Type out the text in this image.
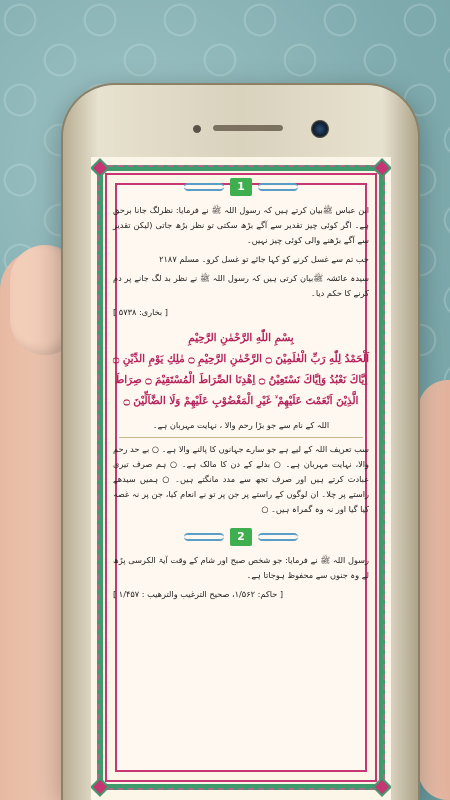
1

ابن عباس ﷺبیان کرتے ہیں کہ رسول اللہ ﷺ نے فرمایا: نظرلگ جانا برحق ہے۔ اگر کوئی چیز تقدیر سے آگے بڑھ سکتی تو نظر بڑھ جاتی (لیکن تقدیر سے آگے بڑھنے والی کوئی چیز نہیں۔

جب تم سے غسل کرنے کو کہا جائے تو غسل کرو۔ مسلم ۲۱۸۷

سیدہ عائشہ ﷺبیان کرتی ہیں کہ رسول اللہ ﷺ نے نظر بد لگ جانے پر دم کرنے کا حکم دیا۔

[ بخاری: ۵۷۳۸ ]
بِسْمِ اللّٰهِ الرَّحْمٰنِ الرَّحِيْمِ
اَلْحَمْدُ لِلّٰهِ رَبِّ الْعٰلَمِيْنَ ۝ الرَّحْمٰنِ الرَّحِيْمِ ۝ مٰلِكِ يَوْمِ الدِّيْنِ ۝
اِيَّاكَ نَعْبُدُ وَاِيَّاكَ نَسْتَعِيْنُ ۝ اِهْدِنَا الصِّرَاطَ الْمُسْتَقِيْمَ ۝ صِرَاطَ
الَّذِيْنَ اَنْعَمْتَ عَلَيْهِمْ ۙ غَيْرِ الْمَغْضُوْبِ عَلَيْهِمْ وَلَا الضَّآلِّيْنَ ۝

اللہ کے نام سے جو بڑا رحم والا ، نہایت مہربان ہے۔

سب تعریف اللہ کے لیے ہے جو سارے جہانوں کا پالنے والا ہے۔ ○ بے حد رحم والا، نہایت مہربان ہے۔ ○ بدلے کے دن کا مالک ہے۔ ○ ہم صرف تیری عبادت کرتے ہیں اور صرف تجھ سے مدد مانگتے ہیں۔ ○ ہمیں سیدھے راستے پر چلا۔ ان لوگوں کے راستے پر جن پر تو نے انعام کیا، جن پر نہ غصہ کیا گیا اور نہ وہ گمراہ ہیں۔ ○

2

رسول اللہ ﷺ نے فرمایا: جو شخص صبح اور شام کے وقت آیۃ الکرسی پڑھ لے وہ جنوں سے محفوظ ہوجاتا ہے۔

[ حاکم: ۱/۵۶۲، صحیح الترغیب والترهیب : ۱/۴۵۷ ]
